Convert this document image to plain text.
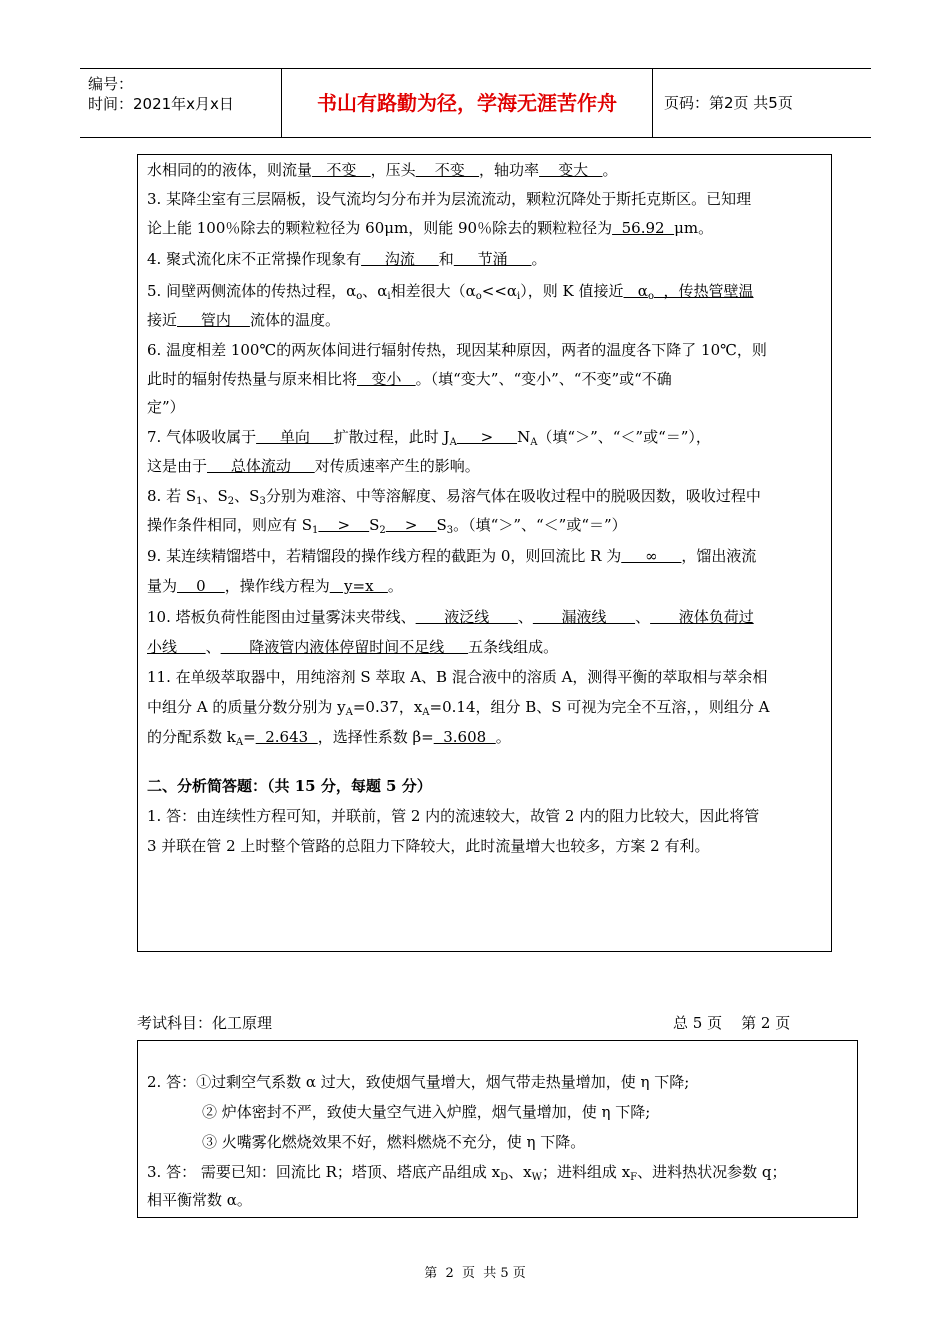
编号：
时间：2021年x月x日	书山有路勤为径，学海无涯苦作舟	页码：第2页 共5页
水相同的的液体，则流量   不变   ，压头    不变   ，轴功率    变大   。
3. 某降尘室有三层隔板，设气流均匀分布并为层流流动，颗粒沉降处于斯托克斯区。已知理
论上能 100％除去的颗粒粒径为 60μm，则能 90％除去的颗粒粒径为  56.92  μm。
4. 聚式流化床不正常操作现象有     沟流     和     节涌     。
5. 间壁两侧流体的传热过程，$\alpha_o$、$\alpha_i$相差很大$(\alpha_o<<\alpha_i)$，则 K 值接近   $\alpha_o$  ，传热管壁温
接近     管内    流体的温度。
6. 温度相差 100℃的两灰体间进行辐射传热，现因某种原因，两者的温度各下降了 10℃，则
此时的辐射传热量与原来相比将   变小   。（填“变大”、“变小”、“不变”或“不确
定”）
7. 气体吸收属于     单向     扩散过程，此时 $J_A$     >     $N_A$（填“＞”、“＜”或“＝”），
这是由于     总体流动     对传质速率产生的影响。
8. 若 $S_1$、$S_2$、$S_3$分别为难溶、中等溶解度、易溶气体在吸收过程中的脱吸因数，吸收过程中
操作条件相同，则应有 $S_1$    >    $S_2$    >    $S_3$。（填“＞”、“＜”或“＝”）
9. 某连续精馏塔中，若精馏段的操作线方程的截距为 0，则回流比 R 为     ∞     ，馏出液流
量为    0    ，操作线方程为   y=x   。
10. 塔板负荷性能图由过量雾沫夹带线、      液泛线      、      漏液线      、      液体负荷过
小线      、      降液管内液体停留时间不足线     五条线组成。
11. 在单级萃取器中，用纯溶剂 S 萃取 A、B 混合液中的溶质 A，测得平衡的萃取相与萃余相
中组分 A 的质量分数分别为 $y_A=0.37$，$x_A=0.14$，组分 B、S 可视为完全不互溶，，则组分 A
的分配系数 $k_A= 2.643$  ，选择性系数 β=  3.608  。
二、分析简答题：（共 15 分，每题 5 分）
1. 答：由连续性方程可知，并联前，管 2 内的流速较大，故管 2 内的阻力比较大，因此将管
3 并联在管 2 上时整个管路的总阻力下降较大，此时流量增大也较多，方案 2 有利。
考试科目：化工原理	总 5 页    第 2 页
2. 答：①过剩空气系数 α 过大，致使烟气量增大，烟气带走热量增加，使 η 下降;
② 炉体密封不严，致使大量空气进入炉膛，烟气量增加，使 η 下降;
③ 火嘴雾化燃烧效果不好，燃料燃烧不充分，使 η 下降。
3. 答： 需要已知：回流比 R；塔顶、塔底产品组成 $x_D$、$x_W$；进料组成 $x_F$、进料热状况参数 q；
相平衡常数 α。
第  2  页  共 5 页
